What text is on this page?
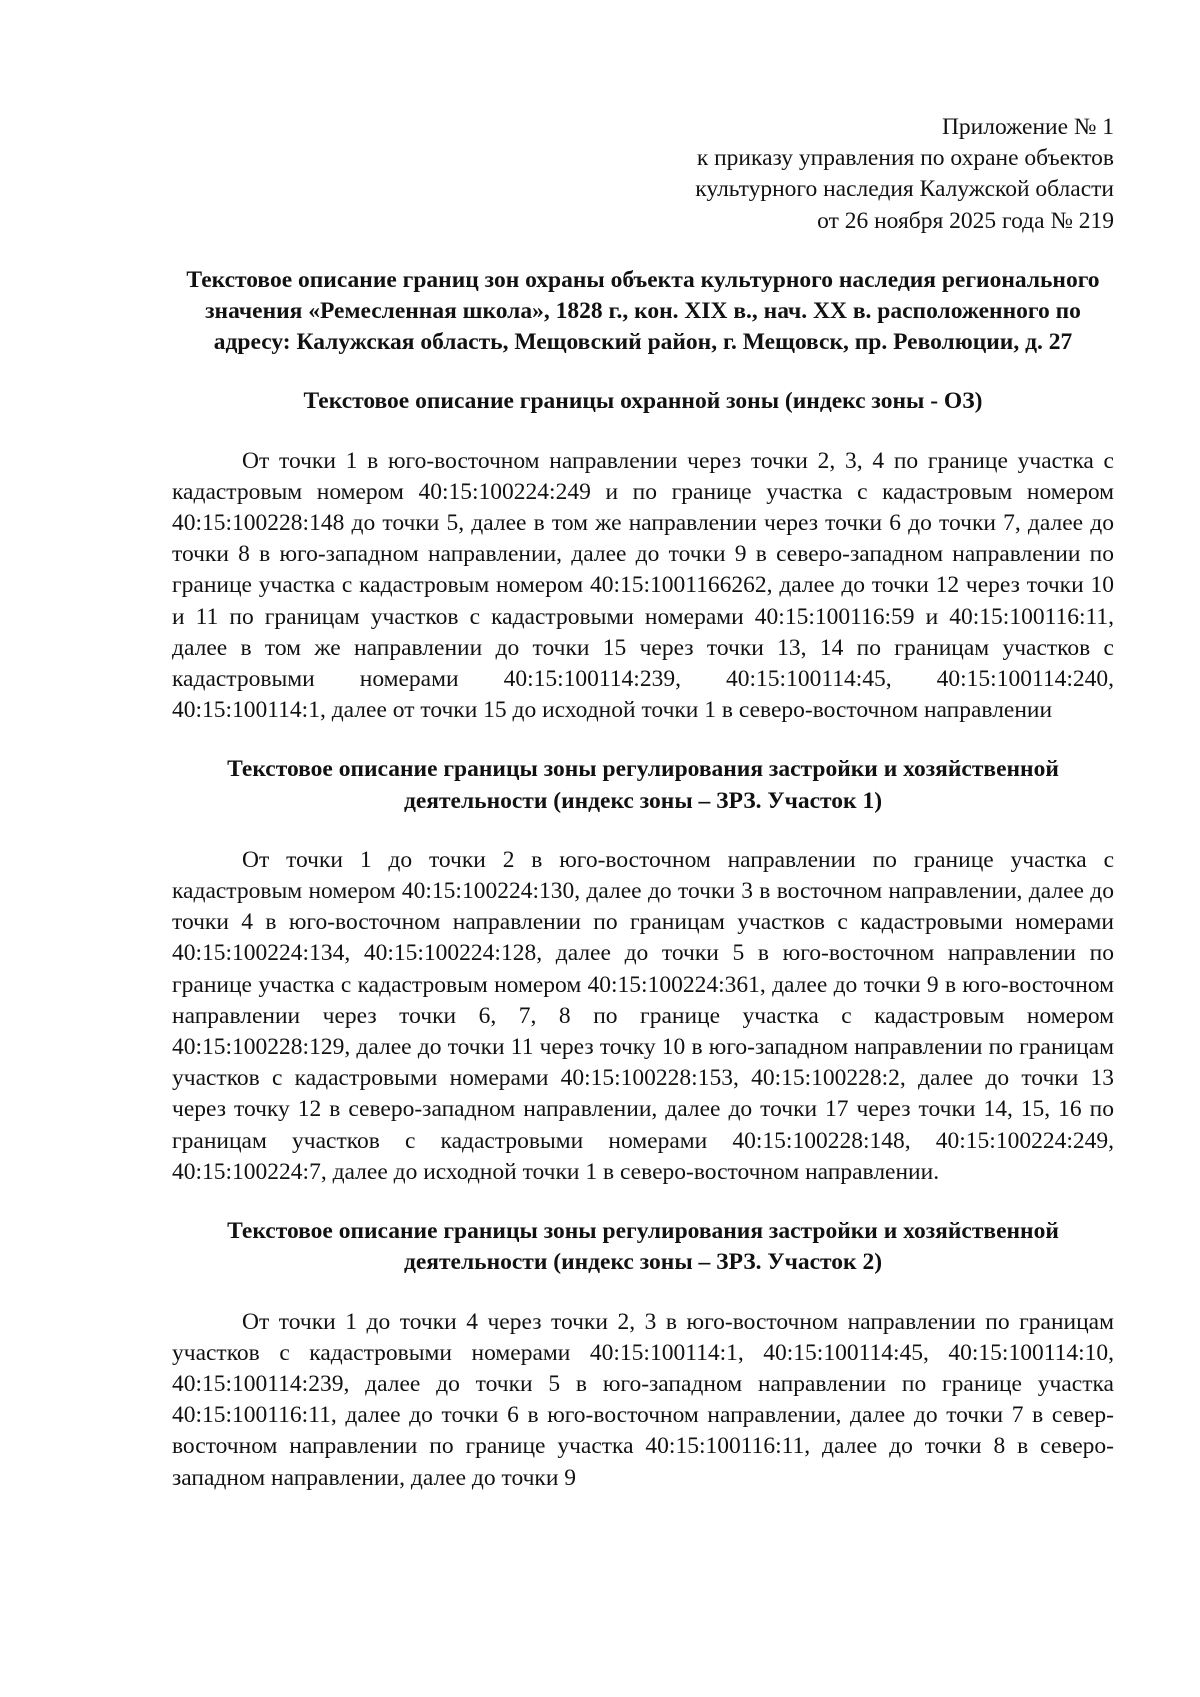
Приложение № 1
к приказу управления по охране объектов
культурного наследия Калужской области
от 26 ноября 2025 года № 219
Текстовое описание границ зон охраны объекта культурного наследия регионального значения «Ремесленная школа», 1828 г., кон. XIX в., нач. XX в. расположенного по адресу: Калужская область, Мещовский район, г. Мещовск, пр. Революции, д. 27
Текстовое описание границы охранной зоны (индекс зоны - ОЗ)

От точки 1 в юго-восточном направлении через точки 2, 3, 4 по границе участка с кадастровым номером 40:15:100224:249 и по границе участка с кадастровым номером 40:15:100228:148 до точки 5, далее в том же направлении через точки 6 до точки 7, далее до точки 8 в юго-западном направлении, далее до точки 9 в северо-западном направлении по границе участка с кадастровым номером 40:15:1001166262, далее до точки 12 через точки 10 и 11 по границам участков с кадастровыми номерами 40:15:100116:59 и 40:15:100116:11, далее в том же направлении до точки 15 через точки 13, 14 по границам участков с кадастровыми номерами 40:15:100114:239, 40:15:100114:45, 40:15:100114:240, 40:15:100114:1, далее от точки 15 до исходной точки 1 в северо-восточном направлении

Текстовое описание границы зоны регулирования застройки и хозяйственной деятельности (индекс зоны – ЗРЗ. Участок 1)

От точки 1 до точки 2 в юго-восточном направлении по границе участка с кадастровым номером 40:15:100224:130, далее до точки 3 в восточном направлении, далее до точки 4 в юго-восточном направлении по границам участков с кадастровыми номерами 40:15:100224:134, 40:15:100224:128, далее до точки 5 в юго-восточном направлении по границе участка с кадастровым номером 40:15:100224:361, далее до точки 9 в юго-восточном направлении через точки 6, 7, 8 по границе участка с кадастровым номером 40:15:100228:129, далее до точки 11 через точку 10 в юго-западном направлении по границам участков с кадастровыми номерами 40:15:100228:153, 40:15:100228:2, далее до точки 13 через точку 12 в северо-западном направлении, далее до точки 17 через точки 14, 15, 16 по границам участков с кадастровыми номерами 40:15:100228:148, 40:15:100224:249, 40:15:100224:7, далее до исходной точки 1 в северо-восточном направлении.

Текстовое описание границы зоны регулирования застройки и хозяйственной деятельности (индекс зоны – ЗРЗ. Участок 2)

От точки 1 до точки 4 через точки 2, 3 в юго-восточном направлении по границам участков с кадастровыми номерами 40:15:100114:1, 40:15:100114:45, 40:15:100114:10, 40:15:100114:239, далее до точки 5 в юго-западном направлении по границе участка 40:15:100116:11, далее до точки 6 в юго-восточном направлении, далее до точки 7 в север-восточном направлении по границе участка 40:15:100116:11, далее до точки 8 в северо-западном направлении, далее до точки 9
